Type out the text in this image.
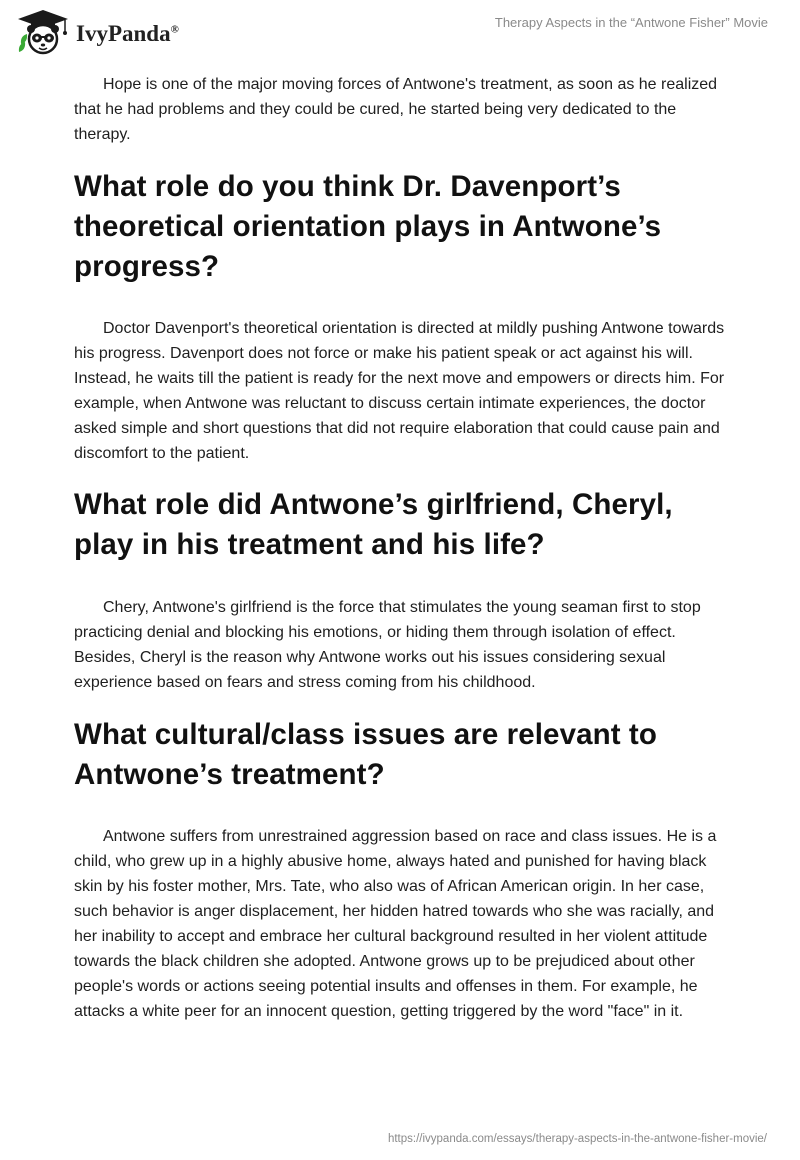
IvyPanda®	Therapy Aspects in the “Antwone Fisher” Movie

Hope is one of the major moving forces of Antwone's treatment, as soon as he realized that he had problems and they could be cured, he started being very dedicated to the therapy.

What role do you think Dr. Davenport’s theoretical orientation plays in Antwone’s progress?

Doctor Davenport's theoretical orientation is directed at mildly pushing Antwone towards his progress. Davenport does not force or make his patient speak or act against his will. Instead, he waits till the patient is ready for the next move and empowers or directs him. For example, when Antwone was reluctant to discuss certain intimate experiences, the doctor asked simple and short questions that did not require elaboration that could cause pain and discomfort to the patient.

What role did Antwone’s girlfriend, Cheryl, play in his treatment and his life?

Chery, Antwone's girlfriend is the force that stimulates the young seaman first to stop practicing denial and blocking his emotions, or hiding them through isolation of effect. Besides, Cheryl is the reason why Antwone works out his issues considering sexual experience based on fears and stress coming from his childhood.

What cultural/class issues are relevant to Antwone’s treatment?

Antwone suffers from unrestrained aggression based on race and class issues. He is a child, who grew up in a highly abusive home, always hated and punished for having black skin by his foster mother, Mrs. Tate, who also was of African American origin. In her case, such behavior is anger displacement, her hidden hatred towards who she was racially, and her inability to accept and embrace her cultural background resulted in her violent attitude towards the black children she adopted. Antwone grows up to be prejudiced about other people's words or actions seeing potential insults and offenses in them. For example, he attacks a white peer for an innocent question, getting triggered by the word "face" in it.

https://ivypanda.com/essays/therapy-aspects-in-the-antwone-fisher-movie/
